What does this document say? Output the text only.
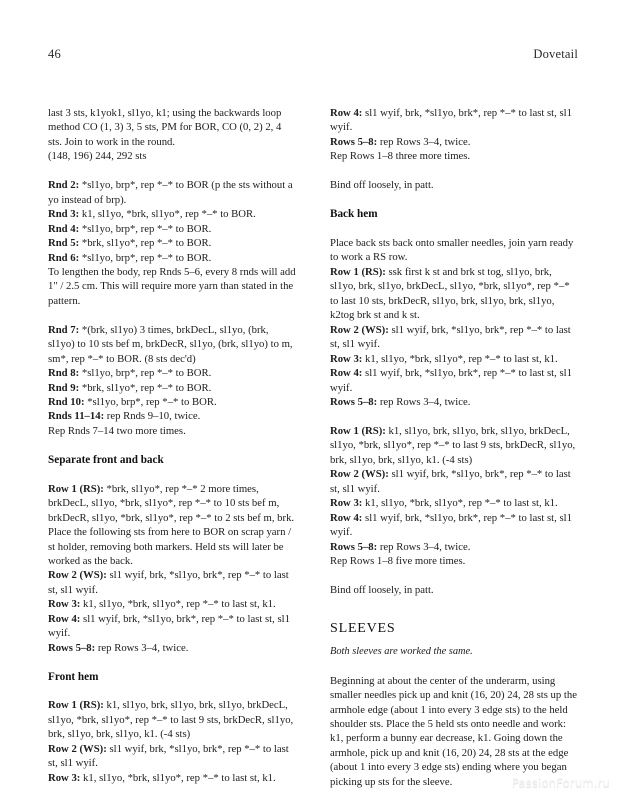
46	Dovetail

last 3 sts, k1yok1, sl1yo, k1; using the backwards loop method CO (1, 3) 3, 5 sts, PM for BOR, CO (0, 2) 2, 4 sts. Join to work in the round.

(148, 196) 244, 292 sts

Rnd 2: *sl1yo, brp*, rep *–* to BOR (p the sts without a yo instead of brp).

Rnd 3: k1, sl1yo, *brk, sl1yo*, rep *–* to BOR.

Rnd 4: *sl1yo, brp*, rep *–* to BOR.

Rnd 5: *brk, sl1yo*, rep *–* to BOR.

Rnd 6: *sl1yo, brp*, rep *–* to BOR.

To lengthen the body, rep Rnds 5–6, every 8 rnds will add 1" / 2.5 cm. This will require more yarn than stated in the pattern.

Rnd 7: *(brk, sl1yo) 3 times, brkDecL, sl1yo, (brk, sl1yo) to 10 sts bef m, brkDecR, sl1yo, (brk, sl1yo) to m, sm*, rep *–* to BOR. (8 sts dec'd)

Rnd 8: *sl1yo, brp*, rep *–* to BOR.

Rnd 9: *brk, sl1yo*, rep *–* to BOR.

Rnd 10: *sl1yo, brp*, rep *–* to BOR.

Rnds 11–14: rep Rnds 9–10, twice.

Rep Rnds 7–14 two more times.

Separate front and back

Row 1 (RS): *brk, sl1yo*, rep *–* 2 more times, brkDecL, sl1yo, *brk, sl1yo*, rep *–* to 10 sts bef m, brkDecR, sl1yo, *brk, sl1yo*, rep *–* to 2 sts bef m, brk. Place the following sts from here to BOR on scrap yarn / st holder, removing both markers. Held sts will later be worked as the back.

Row 2 (WS): sl1 wyif, brk, *sl1yo, brk*, rep *–* to last st, sl1 wyif.

Row 3: k1, sl1yo, *brk, sl1yo*, rep *–* to last st, k1.

Row 4: sl1 wyif, brk, *sl1yo, brk*, rep *–* to last st, sl1 wyif.

Rows 5–8: rep Rows 3–4, twice.

Front hem

Row 1 (RS): k1, sl1yo, brk, sl1yo, brk, sl1yo, brkDecL, sl1yo, *brk, sl1yo*, rep *–* to last 9 sts, brkDecR, sl1yo, brk, sl1yo, brk, sl1yo, k1. (-4 sts)

Row 2 (WS): sl1 wyif, brk, *sl1yo, brk*, rep *–* to last st, sl1 wyif.

Row 3: k1, sl1yo, *brk, sl1yo*, rep *–* to last st, k1.

Row 4: sl1 wyif, brk, *sl1yo, brk*, rep *–* to last st, sl1 wyif.

Rows 5–8: rep Rows 3–4, twice.

Rep Rows 1–8 three more times.

Bind off loosely, in patt.

Back hem

Place back sts back onto smaller needles, join yarn ready to work a RS row.

Row 1 (RS): ssk first k st and brk st tog, sl1yo, brk, sl1yo, brk, sl1yo, brkDecL, sl1yo, *brk, sl1yo*, rep *–* to last 10 sts, brkDecR, sl1yo, brk, sl1yo, brk, sl1yo, k2tog brk st and k st.

Row 2 (WS): sl1 wyif, brk, *sl1yo, brk*, rep *–* to last st, sl1 wyif.

Row 3: k1, sl1yo, *brk, sl1yo*, rep *–* to last st, k1.

Row 4: sl1 wyif, brk, *sl1yo, brk*, rep *–* to last st, sl1 wyif.

Rows 5–8: rep Rows 3–4, twice.

Row 1 (RS): k1, sl1yo, brk, sl1yo, brk, sl1yo, brkDecL, sl1yo, *brk, sl1yo*, rep *–* to last 9 sts, brkDecR, sl1yo, brk, sl1yo, brk, sl1yo, k1. (-4 sts)

Row 2 (WS): sl1 wyif, brk, *sl1yo, brk*, rep *–* to last st, sl1 wyif.

Row 3: k1, sl1yo, *brk, sl1yo*, rep *–* to last st, k1.

Row 4: sl1 wyif, brk, *sl1yo, brk*, rep *–* to last st, sl1 wyif.

Rows 5–8: rep Rows 3–4, twice.

Rep Rows 1–8 five more times.

Bind off loosely, in patt.

SLEEVES

Both sleeves are worked the same.

Beginning at about the center of the underarm, using smaller needles pick up and knit (16, 20) 24, 28 sts up the armhole edge (about 1 into every 3 edge sts) to the held shoulder sts. Place the 5 held sts onto needle and work: k1, perform a bunny ear decrease, k1. Going down the armhole, pick up and knit (16, 20) 24, 28 sts at the edge (about 1 into every 3 edge sts) ending where you began picking up sts for the sleeve.	PassionForum.ru
